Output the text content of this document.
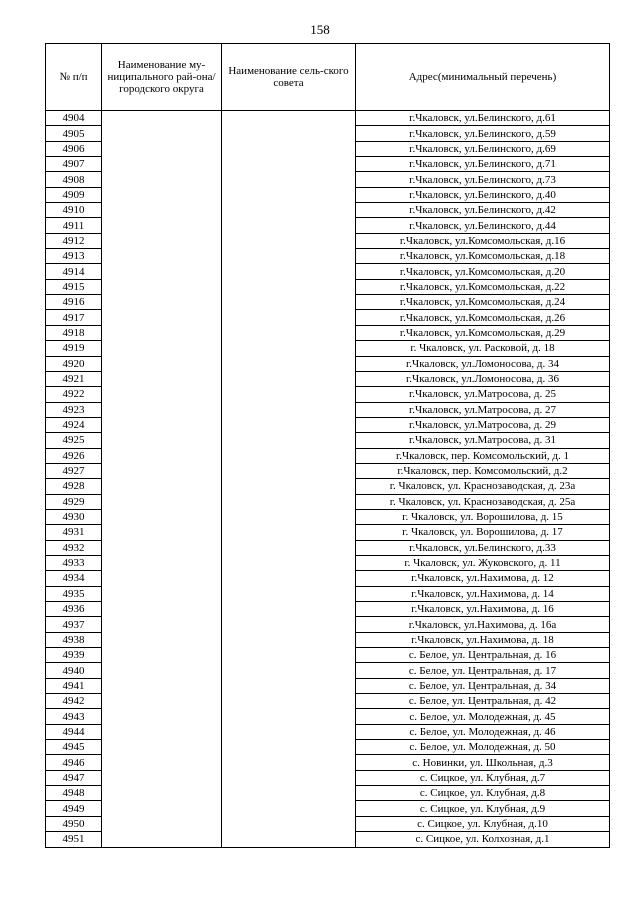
158
№ п/п	Наименование му-ниципального рай-она/ городского округа	Наименование сель-ского совета	Адрес(минимальный перечень)
4904			г.Чкаловск, ул.Белинского, д.61
4905			г.Чкаловск, ул.Белинского, д.59
4906			г.Чкаловск, ул.Белинского, д.69
4907			г.Чкаловск, ул.Белинского, д.71
4908			г.Чкаловск, ул.Белинского, д.73
4909			г.Чкаловск, ул.Белинского, д.40
4910			г.Чкаловск, ул.Белинского, д.42
4911			г.Чкаловск, ул.Белинского, д.44
4912			г.Чкаловск, ул.Комсомольская, д.16
4913			г.Чкаловск, ул.Комсомольская, д.18
4914			г.Чкаловск, ул.Комсомольская, д.20
4915			г.Чкаловск, ул.Комсомольская, д.22
4916			г.Чкаловск, ул.Комсомольская, д.24
4917			г.Чкаловск, ул.Комсомольская, д.26
4918			г.Чкаловск, ул.Комсомольская, д.29
4919			г. Чкаловск, ул. Расковой, д. 18
4920			г.Чкаловск, ул.Ломоносова, д. 34
4921			г.Чкаловск, ул.Ломоносова, д. 36
4922			г.Чкаловск, ул.Матросова, д. 25
4923			г.Чкаловск, ул.Матросова, д. 27
4924			г.Чкаловск, ул.Матросова, д. 29
4925			г.Чкаловск, ул.Матросова, д. 31
4926			г.Чкаловск, пер. Комсомольский, д. 1
4927			г.Чкаловск, пер. Комсомольский, д.2
4928			г. Чкаловск, ул. Краснозаводская, д. 23а
4929			г. Чкаловск, ул. Краснозаводская, д. 25а
4930			г. Чкаловск, ул. Ворошилова, д. 15
4931			г. Чкаловск, ул. Ворошилова, д. 17
4932			г.Чкаловск, ул.Белинского, д.33
4933			г. Чкаловск, ул. Жуковского, д. 11
4934			г.Чкаловск, ул.Нахимова, д. 12
4935			г.Чкаловск, ул.Нахимова, д. 14
4936			г.Чкаловск, ул.Нахимова, д. 16
4937			г.Чкаловск, ул.Нахимова, д. 16а
4938			г.Чкаловск, ул.Нахимова, д. 18
4939			с. Белое, ул. Центральная, д. 16
4940			с. Белое, ул. Центральная, д. 17
4941			с. Белое, ул. Центральная, д. 34
4942			с. Белое, ул. Центральная, д. 42
4943			с. Белое, ул. Молодежная, д. 45
4944			с. Белое, ул. Молодежная, д. 46
4945			с. Белое, ул. Молодежная, д. 50
4946			с. Новинки, ул. Школьная, д.3
4947			с. Сицкое, ул. Клубная, д.7
4948			с. Сицкое, ул. Клубная, д.8
4949			с. Сицкое, ул. Клубная, д.9
4950			с. Сицкое, ул. Клубная, д.10
4951			с. Сицкое, ул. Колхозная, д.1
